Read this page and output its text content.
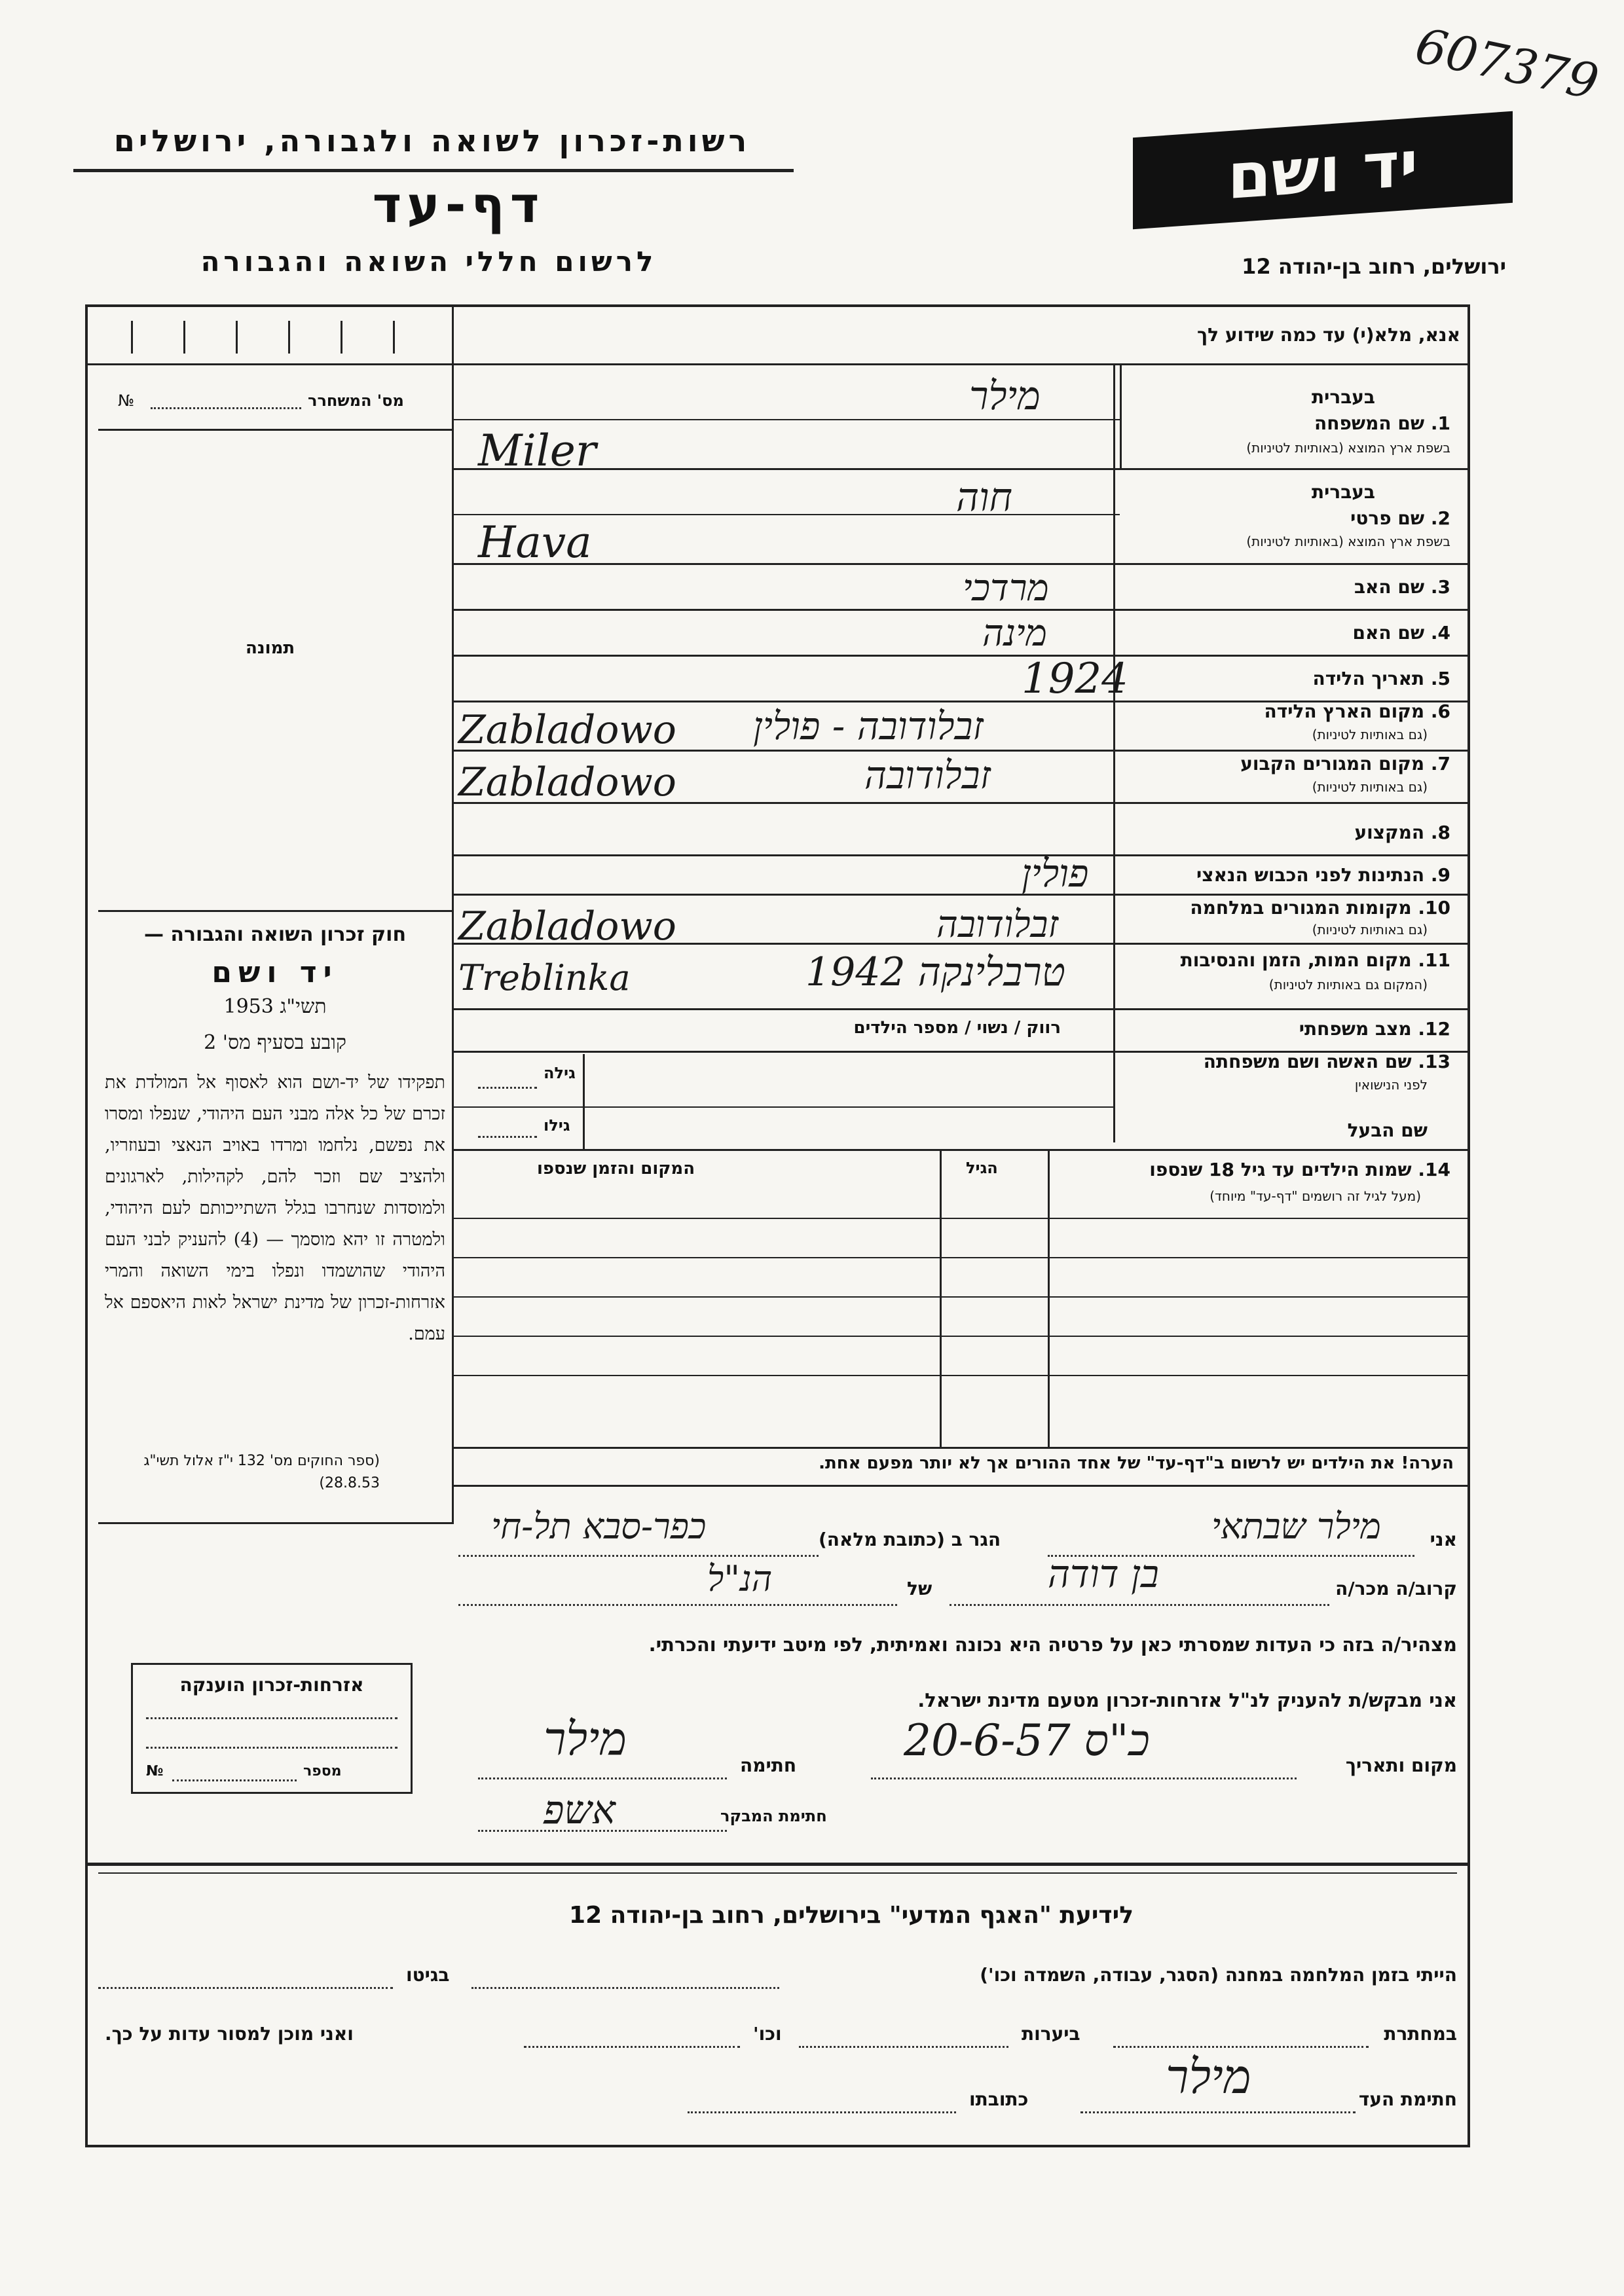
607379
רשות-זכרון לשואה ולגבורה, ירושלים
דף-עד
לרשום חללי השואה והגבורה
יד ושם
ירושלים, רחוב בן-יהודה 12
אנא, מלא(י) עד כמה שידוע לך
מס' המשחרר
№
תמונה
חוק זכרון השואה והגבורה —
יד ושם
תשי"ג 1953
קובע בסעיף מס' 2
תפקידו של יד-ושם הוא לאסוף אל המולדת את זכרם של כל אלה מבני העם היהודי, שנפלו ומסרו את נפשם, נלחמו ומרדו באויב הנאצי ובעוזריו, ולהציב שם וזכר להם, לקהילות, לארגונים ולמוסדות שנחרבו בגלל השתייכותם לעם היהודי, ולמטרה זו יהא מוסמך — (4) להעניק לבני העם היהודי שהושמדו ונפלו בימי השואה והמרי אזרחות-זכרון של מדינת ישראל לאות היאספם אל עמם.
(ספר החוקים מס' 132 י"ז אלול תשי"ג 28.8.53)
בעברית
1. שם המשפחה
בשפת ארץ המוצא (באותיות לטיניות)
בעברית
2. שם פרטי
בשפת ארץ המוצא (באותיות לטיניות)
3. שם האב
4. שם האם
5. תאריך הלידה
6. מקום הארץ הלידה
(גם באותיות לטיניות)
7. מקום המגורים הקבוע
(גם באותיות לטיניות)
8. המקצוע
9. הנתינות לפני הכבוש הנאצי
10. מקומות המגורים במלחמה
(גם באותיות לטיניות)
11. מקום המות, הזמן והנסיבות
(המקום גם באותיות לטיניות)
12. מצב משפחתי
13. שם האשה ושם משפחתה
לפני הנישואין
שם הבעל
רווק / נשוי / מספר הילדים
גילה
גילו
מילר
Miler
חוה
Hava
מרדכי
מינה
1924
זבלודובה - פולין
Zabladowo
זבלודובה
Zabladowo
פולין
זבלודובה
Zabladowo
טרבלינקה 1942
Treblinka
14. שמות הילדים עד גיל 18 שנספו
(מעל לגיל זה רושמים "דף-עד" מיוחד)
הגיל
המקום והזמן שנספו
הערה! את הילדים יש לרשום ב"דף-עד" של אחד ההורים אך לא יותר מפעם אחת.
אני
מילר שבתאי
הגר ב (כתובת מלאה)
כפר-סבא תל-חי
קרוב/ה מכר/ה
בן דודה
של
הנ"ל
מצהיר/ה בזה כי העדות שמסרתי כאן על פרטיה היא נכונה ואמיתית, לפי מיטב ידיעתי והכרתי.
אני מבקש/ת להעניק לנ"ל אזרחות-זכרון מטעם מדינת ישראל.
מקום ותאריך
כ"ס 20-6-57
חתימה
מילר
חתימת המבקר
אשפ
אזרחות-זכרון הוענקה
מספר
№
לידיעת "האגף המדעי" בירושלים, רחוב בן-יהודה 12
הייתי בזמן המלחמה במחנה (הסגר, עבודה, השמדה וכו')
בגיטו
במחתרת
ביערות
וכו'
ואני מוכן למסור עדות על כך.
חתימת העד
מילר
כתובתו
